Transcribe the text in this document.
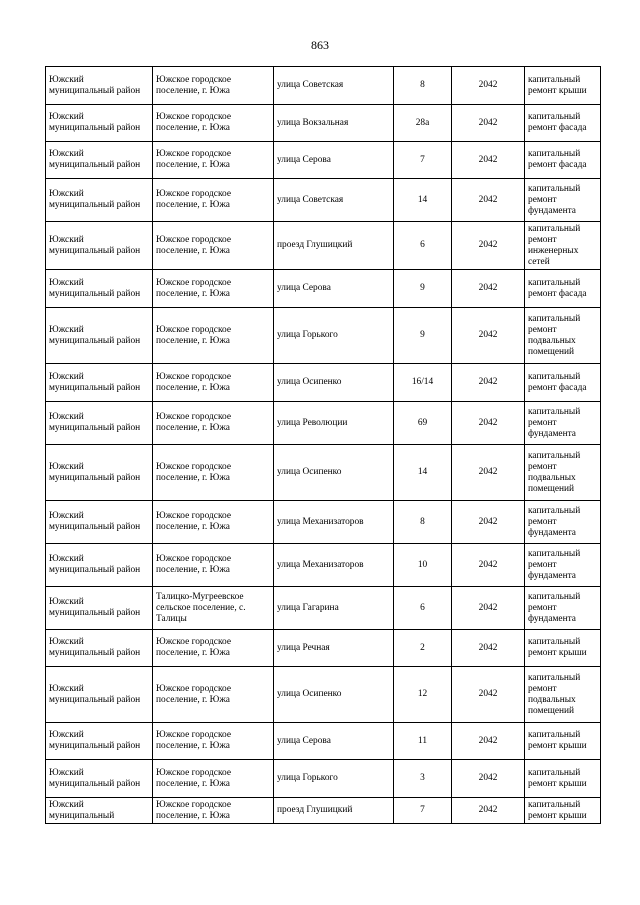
863
Южский муниципальный район	Южское городское поселение, г. Южа	улица Советская	8	2042	капитальный ремонт крыши
Южский муниципальный район	Южское городское поселение, г. Южа	улица Вокзальная	28а	2042	капитальный ремонт фасада
Южский муниципальный район	Южское городское поселение, г. Южа	улица Серова	7	2042	капитальный ремонт фасада
Южский муниципальный район	Южское городское поселение, г. Южа	улица Советская	14	2042	капитальный ремонт фундамента
Южский муниципальный район	Южское городское поселение, г. Южа	проезд Глушицкий	6	2042	капитальный ремонт инженерных сетей
Южский муниципальный район	Южское городское поселение, г. Южа	улица Серова	9	2042	капитальный ремонт фасада
Южский муниципальный район	Южское городское поселение, г. Южа	улица Горького	9	2042	капитальный ремонт подвальных помещений
Южский муниципальный район	Южское городское поселение, г. Южа	улица Осипенко	16/14	2042	капитальный ремонт фасада
Южский муниципальный район	Южское городское поселение, г. Южа	улица Революции	69	2042	капитальный ремонт фундамента
Южский муниципальный район	Южское городское поселение, г. Южа	улица Осипенко	14	2042	капитальный ремонт подвальных помещений
Южский муниципальный район	Южское городское поселение, г. Южа	улица Механизаторов	8	2042	капитальный ремонт фундамента
Южский муниципальный район	Южское городское поселение, г. Южа	улица Механизаторов	10	2042	капитальный ремонт фундамента
Южский муниципальный район	Талицко-Мугреевское сельское поселение, с. Талицы	улица Гагарина	6	2042	капитальный ремонт фундамента
Южский муниципальный район	Южское городское поселение, г. Южа	улица Речная	2	2042	капитальный ремонт крыши
Южский муниципальный район	Южское городское поселение, г. Южа	улица Осипенко	12	2042	капитальный ремонт подвальных помещений
Южский муниципальный район	Южское городское поселение, г. Южа	улица Серова	11	2042	капитальный ремонт крыши
Южский муниципальный район	Южское городское поселение, г. Южа	улица Горького	3	2042	капитальный ремонт крыши
Южский муниципальный	Южское городское поселение, г. Южа	проезд Глушицкий	7	2042	капитальный ремонт крыши
